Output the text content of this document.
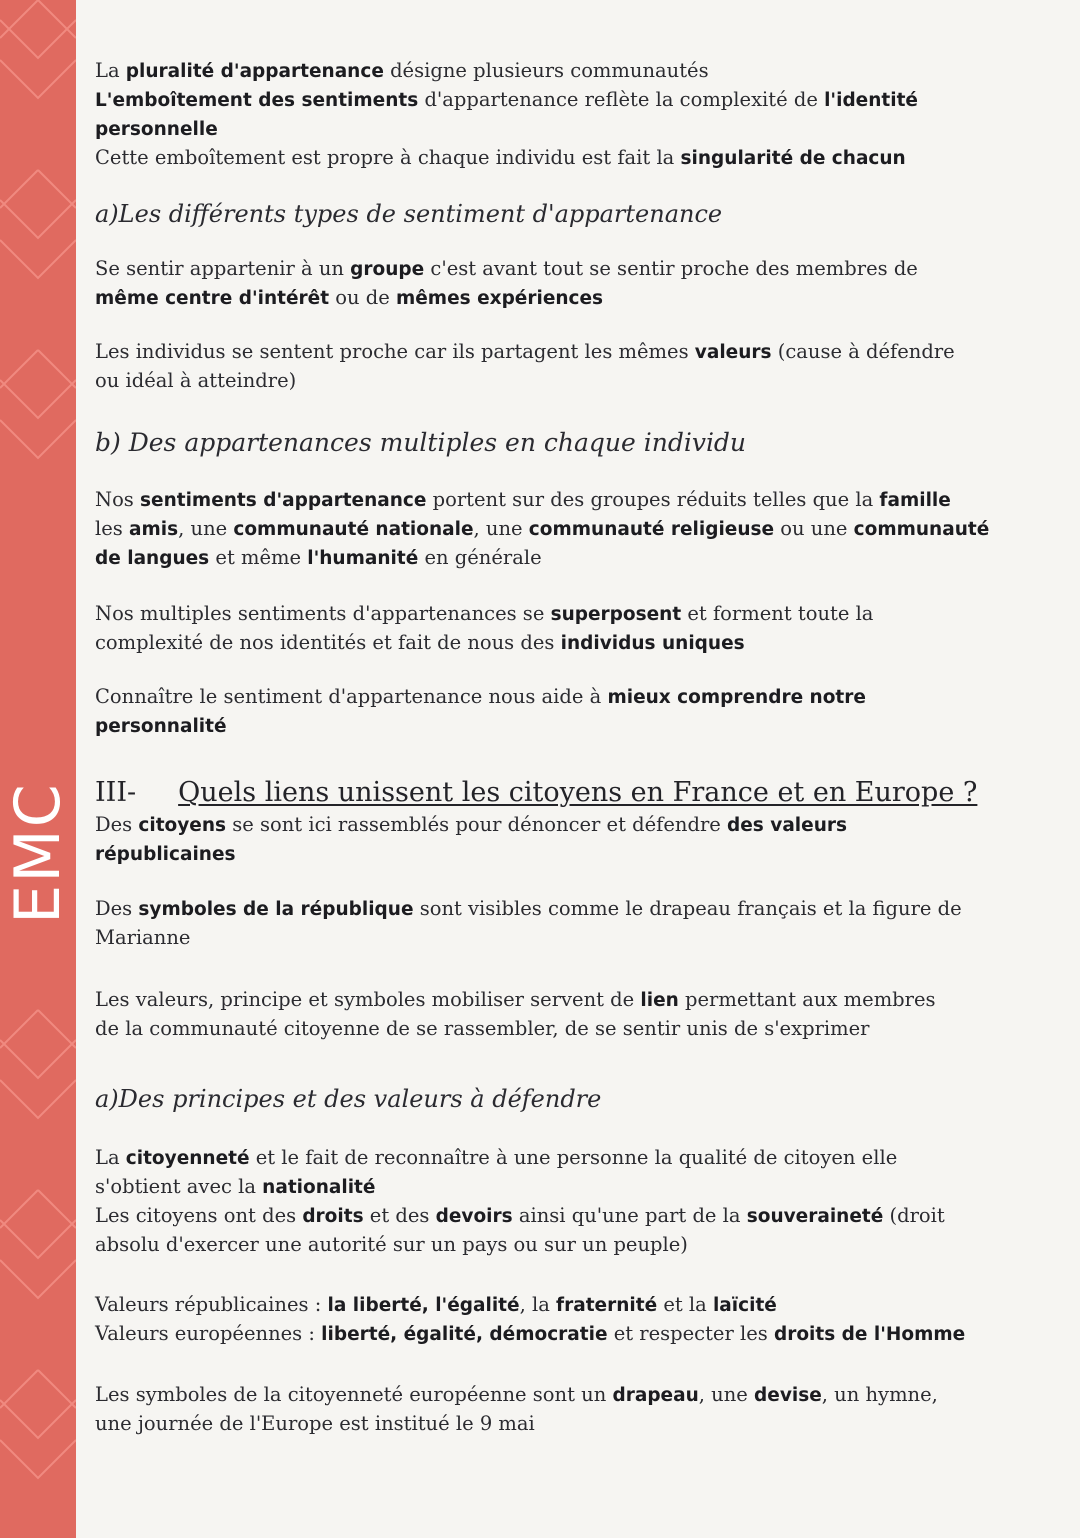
EMC
La pluralité d'appartenance désigne plusieurs communautés
L'emboîtement des sentiments d'appartenance reflète la complexité de l'identité
personnelle
Cette emboîtement est propre à chaque individu est fait la singularité de chacun
a)Les différents types de sentiment d'appartenance
Se sentir appartenir à un groupe c'est avant tout se sentir proche des membres de
même centre d'intérêt ou de mêmes expériences
Les individus se sentent proche car ils partagent les mêmes valeurs (cause à défendre
ou idéal à atteindre)
b) Des appartenances multiples en chaque individu
Nos sentiments d'appartenance portent sur des groupes réduits telles que la famille
les amis, une communauté nationale, une communauté religieuse ou une communauté
de langues et même l'humanité en générale
Nos multiples sentiments d'appartenances se superposent et forment toute la
complexité de nos identités et fait de nous des individus uniques
Connaître le sentiment d'appartenance nous aide à mieux comprendre notre
personnalité
III- Quels liens unissent les citoyens en France et en Europe ?
Des citoyens se sont ici rassemblés pour dénoncer et défendre des valeurs
républicaines
Des symboles de la république sont visibles comme le drapeau français et la figure de
Marianne
Les valeurs, principe et symboles mobiliser servent de lien permettant aux membres
de la communauté citoyenne de se rassembler, de se sentir unis de s'exprimer
a)Des principes et des valeurs à défendre
La citoyenneté et le fait de reconnaître à une personne la qualité de citoyen elle
s'obtient avec la nationalité
Les citoyens ont des droits et des devoirs ainsi qu'une part de la souveraineté (droit
absolu d'exercer une autorité sur un pays ou sur un peuple)
Valeurs républicaines : la liberté, l'égalité, la fraternité et la laïcité
Valeurs européennes : liberté, égalité, démocratie et respecter les droits de l'Homme
Les symboles de la citoyenneté européenne sont un drapeau, une devise, un hymne,
une journée de l'Europe est institué le 9 mai
